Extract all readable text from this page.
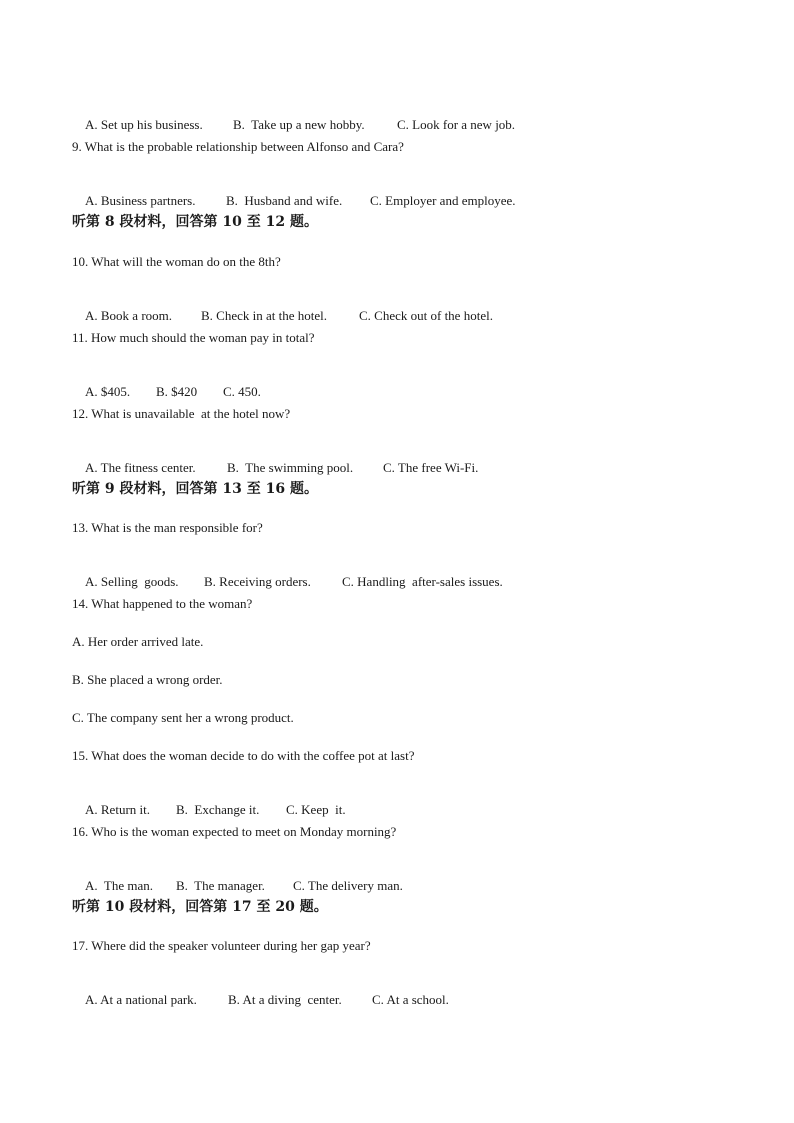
A. Set up his business. B.  Take up a new hobby. C. Look for a new job.

9. What is the probable relationship between Alfonso and Cara?

A. Business partners. B.  Husband and wife. C. Employer and employee.

听第 8 段材料，回答第 10 至 12 题。
10. What will the woman do on the 8th?

A. Book a room. B. Check in at the hotel. C. Check out of the hotel.

11. How much should the woman pay in total?

A. $405. B. $420 C. 450.

12. What is unavailable  at the hotel now?

A. The fitness center. B.  The swimming pool. C. The free Wi-Fi.

听第 9 段材料，回答第 13 至 16 题。
13. What is the man responsible for?

A. Selling  goods. B. Receiving orders. C. Handling  after-sales issues.

14. What happened to the woman?
A. Her order arrived late.
B. She placed a wrong order.
C. The company sent her a wrong product.
15. What does the woman decide to do with the coffee pot at last?

A. Return it. B.  Exchange it. C. Keep  it.

16. Who is the woman expected to meet on Monday morning?

A.  The man. B.  The manager. C. The delivery man.

听第 10 段材料，回答第 17 至 20 题。
17. Where did the speaker volunteer during her gap year?

A. At a national park. B. At a diving  center. C. At a school.
